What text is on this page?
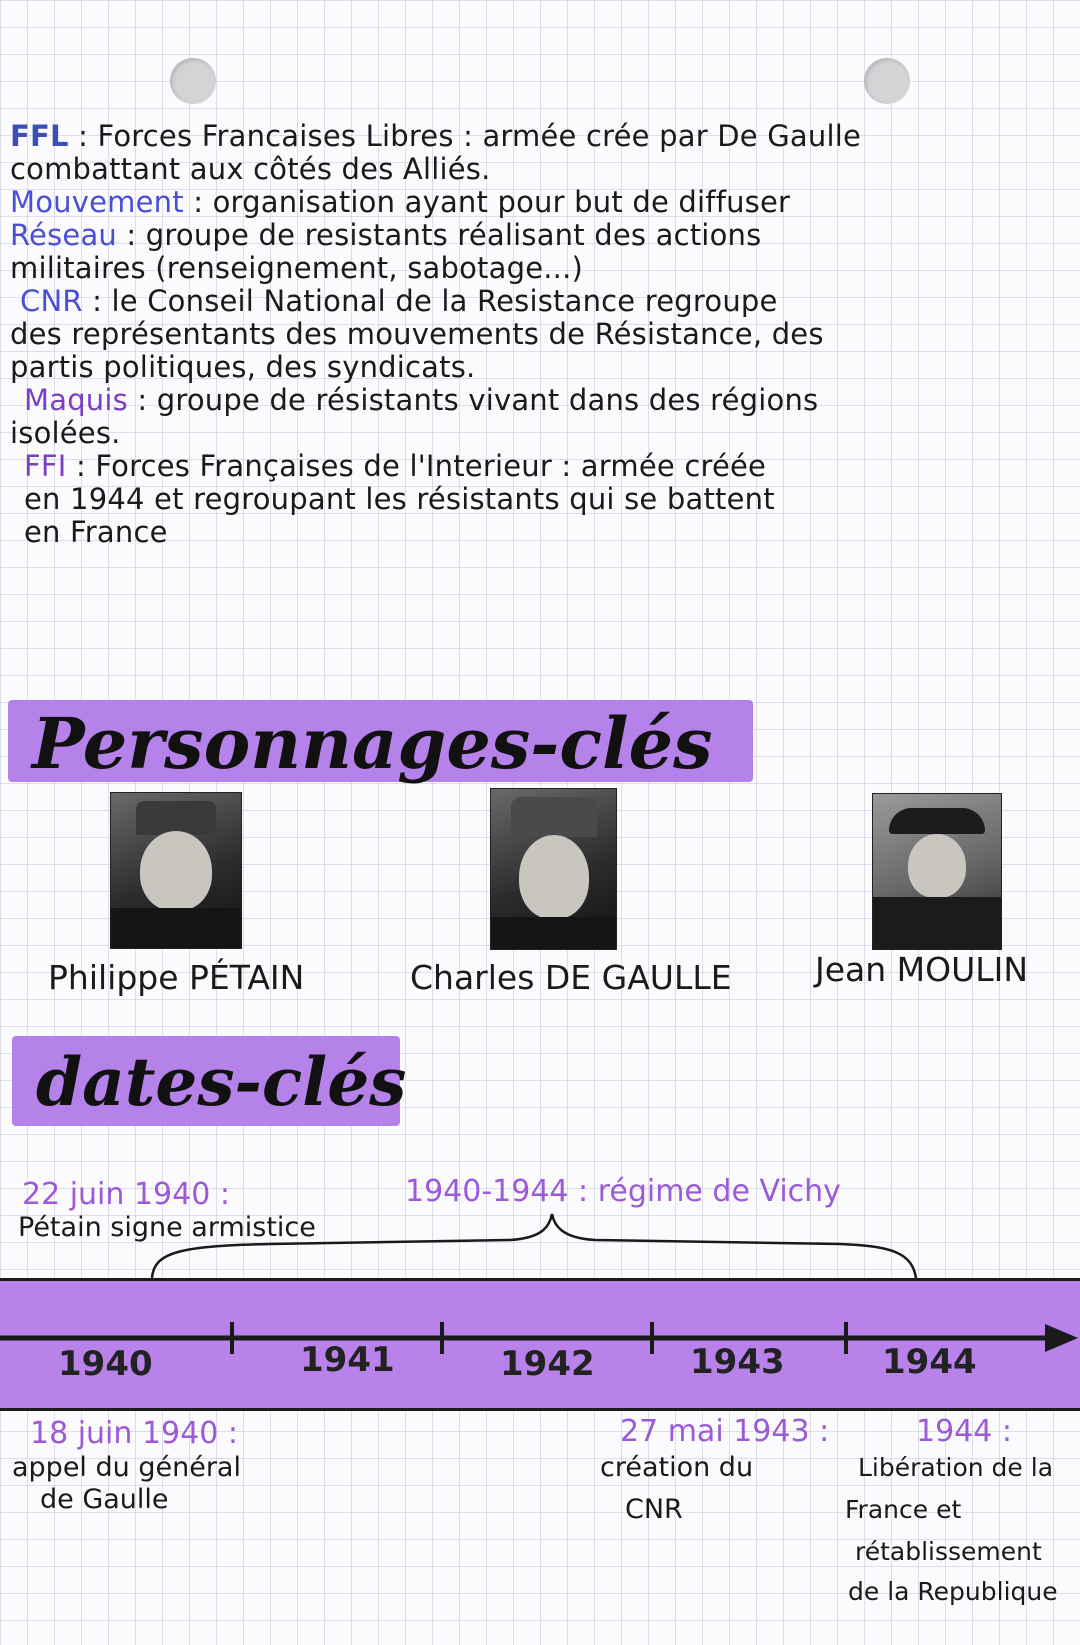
FFL : Forces Francaises Libres : armée crée par De Gaulle
combattant aux côtés des Alliés.
Mouvement : organisation ayant pour but de diffuser
Réseau : groupe de resistants réalisant des actions
militaires (renseignement, sabotage...)
CNR : le Conseil National de la Resistance regroupe
des représentants des mouvements de Résistance, des
partis politiques, des syndicats.
Maquis : groupe de résistants vivant dans des régions
isolées.
FFI : Forces Françaises de l'Interieur : armée créée
en 1944 et regroupant les résistants qui se battent
en France
Personnages-clés
Philippe PÉTAIN	Charles DE GAULLE	Jean MOULIN
dates-clés
22 juin 1940 :
Pétain signe armistice
1940-1944 : régime de Vichy
1940	1941	1942	1943	1944
18 juin 1940 :
appel du général
de Gaulle
27 mai 1943 :
création du
CNR
1944 :
Libération de la
France et
rétablissement
de la Republique
